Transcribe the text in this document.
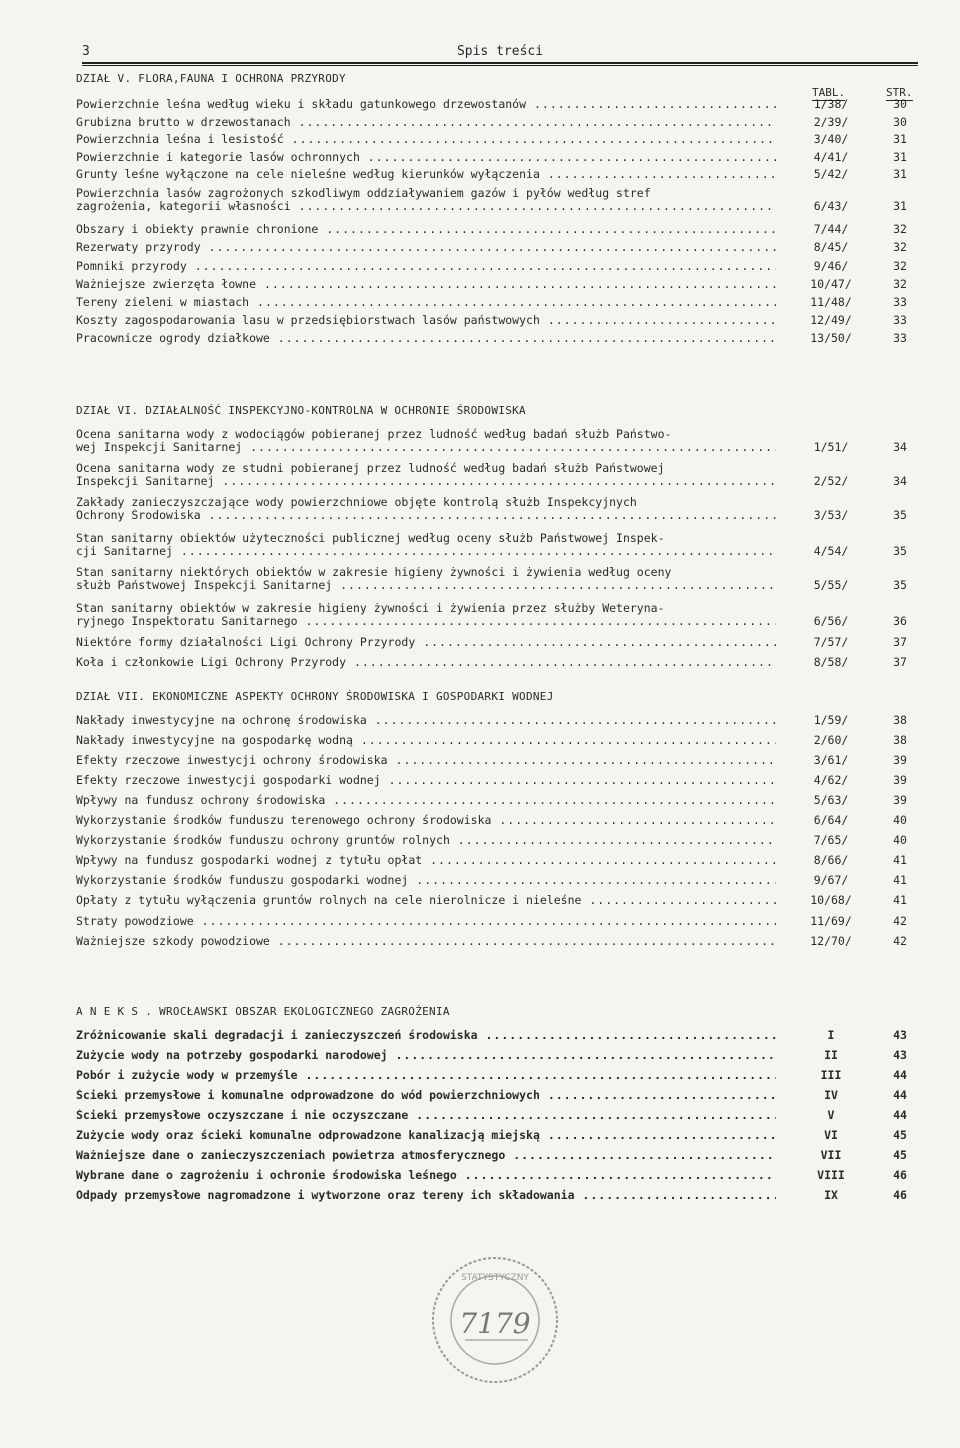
3	Spis treści
TABL.	STR.
DZIAŁ V. FLORA,FAUNA I OCHRONA PRZYRODY
Powierzchnie leśna według wieku i składu gatunkowego drzewostanów .....	1/38/	30
Grubizna brutto w drzewostanach .....	2/39/	30
Powierzchnia leśna i lesistość .....	3/40/	31
Powierzchnie i kategorie lasów ochronnych .....	4/41/	31
Grunty leśne wyłączone na cele nieleśne według kierunków wyłączenia .....	5/42/	31
Powierzchnia lasów zagrożonych szkodliwym oddziaływaniem gazów i pyłów według stref
zagrożenia, kategorii własności .....	6/43/	31
Obszary i obiekty prawnie chronione .....	7/44/	32
Rezerwaty przyrody .....	8/45/	32
Pomniki przyrody .....	9/46/	32
Ważniejsze zwierzęta łowne .....	10/47/	32
Tereny zieleni w miastach .....	11/48/	33
Koszty zagospodarowania lasu w przedsiębiorstwach lasów państwowych .....	12/49/	33
Pracownicze ogrody działkowe .....	13/50/	33
DZIAŁ VI. DZIAŁALNOŚĆ INSPEKCYJNO-KONTROLNA W OCHRONIE ŚRODOWISKA
Ocena sanitarna wody z wodociągów pobieranej przez ludność według badań służb Państwo-
wej Inspekcji Sanitarnej .....	1/51/	34
Ocena sanitarna wody ze studni pobieranej przez ludność według badań służb Państwowej
Inspekcji Sanitarnej .....	2/52/	34
Zakłady zanieczyszczające wody powierzchniowe objęte kontrolą służb Inspekcyjnych
Ochrony Środowiska .....	3/53/	35
Stan sanitarny obiektów użyteczności publicznej według oceny służb Państwowej Inspek-
cji Sanitarnej .....	4/54/	35
Stan sanitarny niektórych obiektów w zakresie higieny żywności i żywienia według oceny
służb Państwowej Inspekcji Sanitarnej .....	5/55/	35
Stan sanitarny obiektów w zakresie higieny żywności i żywienia przez służby Weteryna-
ryjnego Inspektoratu Sanitarnego .....	6/56/	36
Niektóre formy działalności Ligi Ochrony Przyrody .....	7/57/	37
Koła i członkowie Ligi Ochrony Przyrody .....	8/58/	37
DZIAŁ VII. EKONOMICZNE ASPEKTY OCHRONY ŚRODOWISKA I GOSPODARKI WODNEJ
Nakłady inwestycyjne na ochronę środowiska .....	1/59/	38
Nakłady inwestycyjne na gospodarkę wodną .....	2/60/	38
Efekty rzeczowe inwestycji ochrony środowiska .....	3/61/	39
Efekty rzeczowe inwestycji gospodarki wodnej .....	4/62/	39
Wpływy na fundusz ochrony środowiska .....	5/63/	39
Wykorzystanie środków funduszu terenowego ochrony środowiska .....	6/64/	40
Wykorzystanie środków funduszu ochrony gruntów rolnych .....	7/65/	40
Wpływy na fundusz gospodarki wodnej z tytułu opłat .....	8/66/	41
Wykorzystanie środków funduszu gospodarki wodnej .....	9/67/	41
Opłaty z tytułu wyłączenia gruntów rolnych na cele nierolnicze i nieleśne .....	10/68/	41
Straty powodziowe .....	11/69/	42
Ważniejsze szkody powodziowe .....	12/70/	42
A N E K S . WROCŁAWSKI OBSZAR EKOLOGICZNEGO ZAGROŻENIA
Zróżnicowanie skali degradacji i zanieczyszczeń środowiska .....	I	43
Zużycie wody na potrzeby gospodarki narodowej .....	II	43
Pobór i zużycie wody w przemyśle .....	III	44
Ścieki przemysłowe i komunalne odprowadzone do wód powierzchniowych .....	IV	44
Ścieki przemysłowe oczyszczane i nie oczyszczane .....	V	44
Zużycie wody oraz ścieki komunalne odprowadzone kanalizacją miejską .....	VI	45
Ważniejsze dane o zanieczyszczeniach powietrza atmosferycznego .....	VII	45
Wybrane dane o zagrożeniu i ochronie środowiska leśnego .....	VIII	46
Odpady przemysłowe nagromadzone i wytworzone oraz tereny ich składowania .....	IX	46
STATYSTYCZNY
7179
